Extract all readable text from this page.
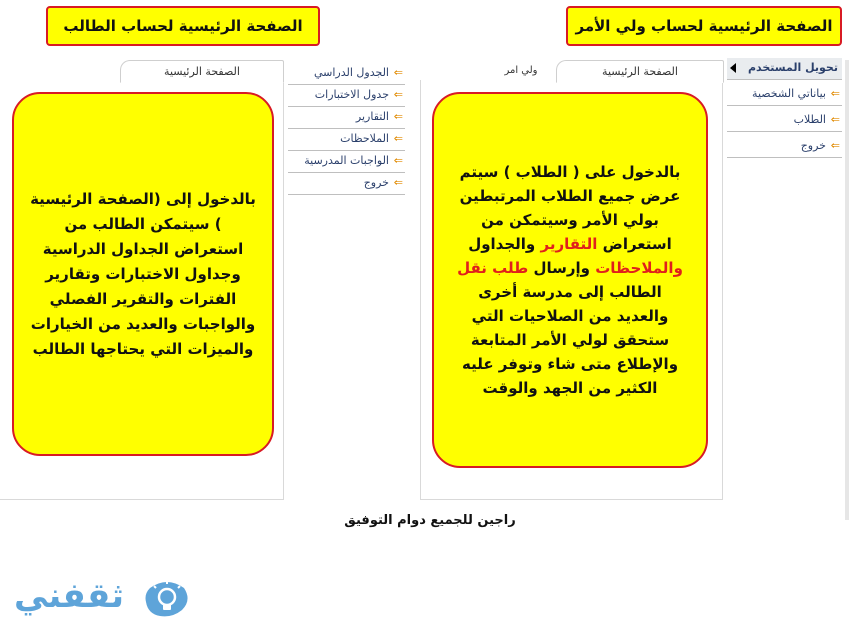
الصفحة الرئيسية لحساب ولي الأمر
الصفحة الرئيسية لحساب الطالب
الصفحة الرئيسية
ولي امر

بالدخول على ( الطلاب ) سيتم عرض جميع الطلاب المرتبطين بولي الأمر وسيتمكن من استعراض التقارير والجداول والملاحظات وإرسال طلب نقل الطالب إلى مدرسة أخرى والعديد من الصلاحيات التي ستحقق لولي الأمر المتابعة والإطلاع متى شاء وتوفر عليه الكثير من الجهد والوقت

تحويل المستخدم
⇐
بياناتي الشخصية
⇐
الطلاب
⇐
خروج
الصفحة الرئيسية

بالدخول إلى (الصفحة الرئيسية ) سيتمكن الطالب من استعراض الجداول الدراسية وجداول الاختبارات وتقارير الفترات والتقرير الفصلي والواجبات والعديد من الخيارات والميزات التي يحتاجها الطالب

⇐
الجدول الدراسي
⇐
جدول الاختبارات
⇐
التقارير
⇐
الملاحظات
⇐
الواجبات المدرسية
⇐
خروج
راجين للجميع دوام التوفيق
ثقفني
